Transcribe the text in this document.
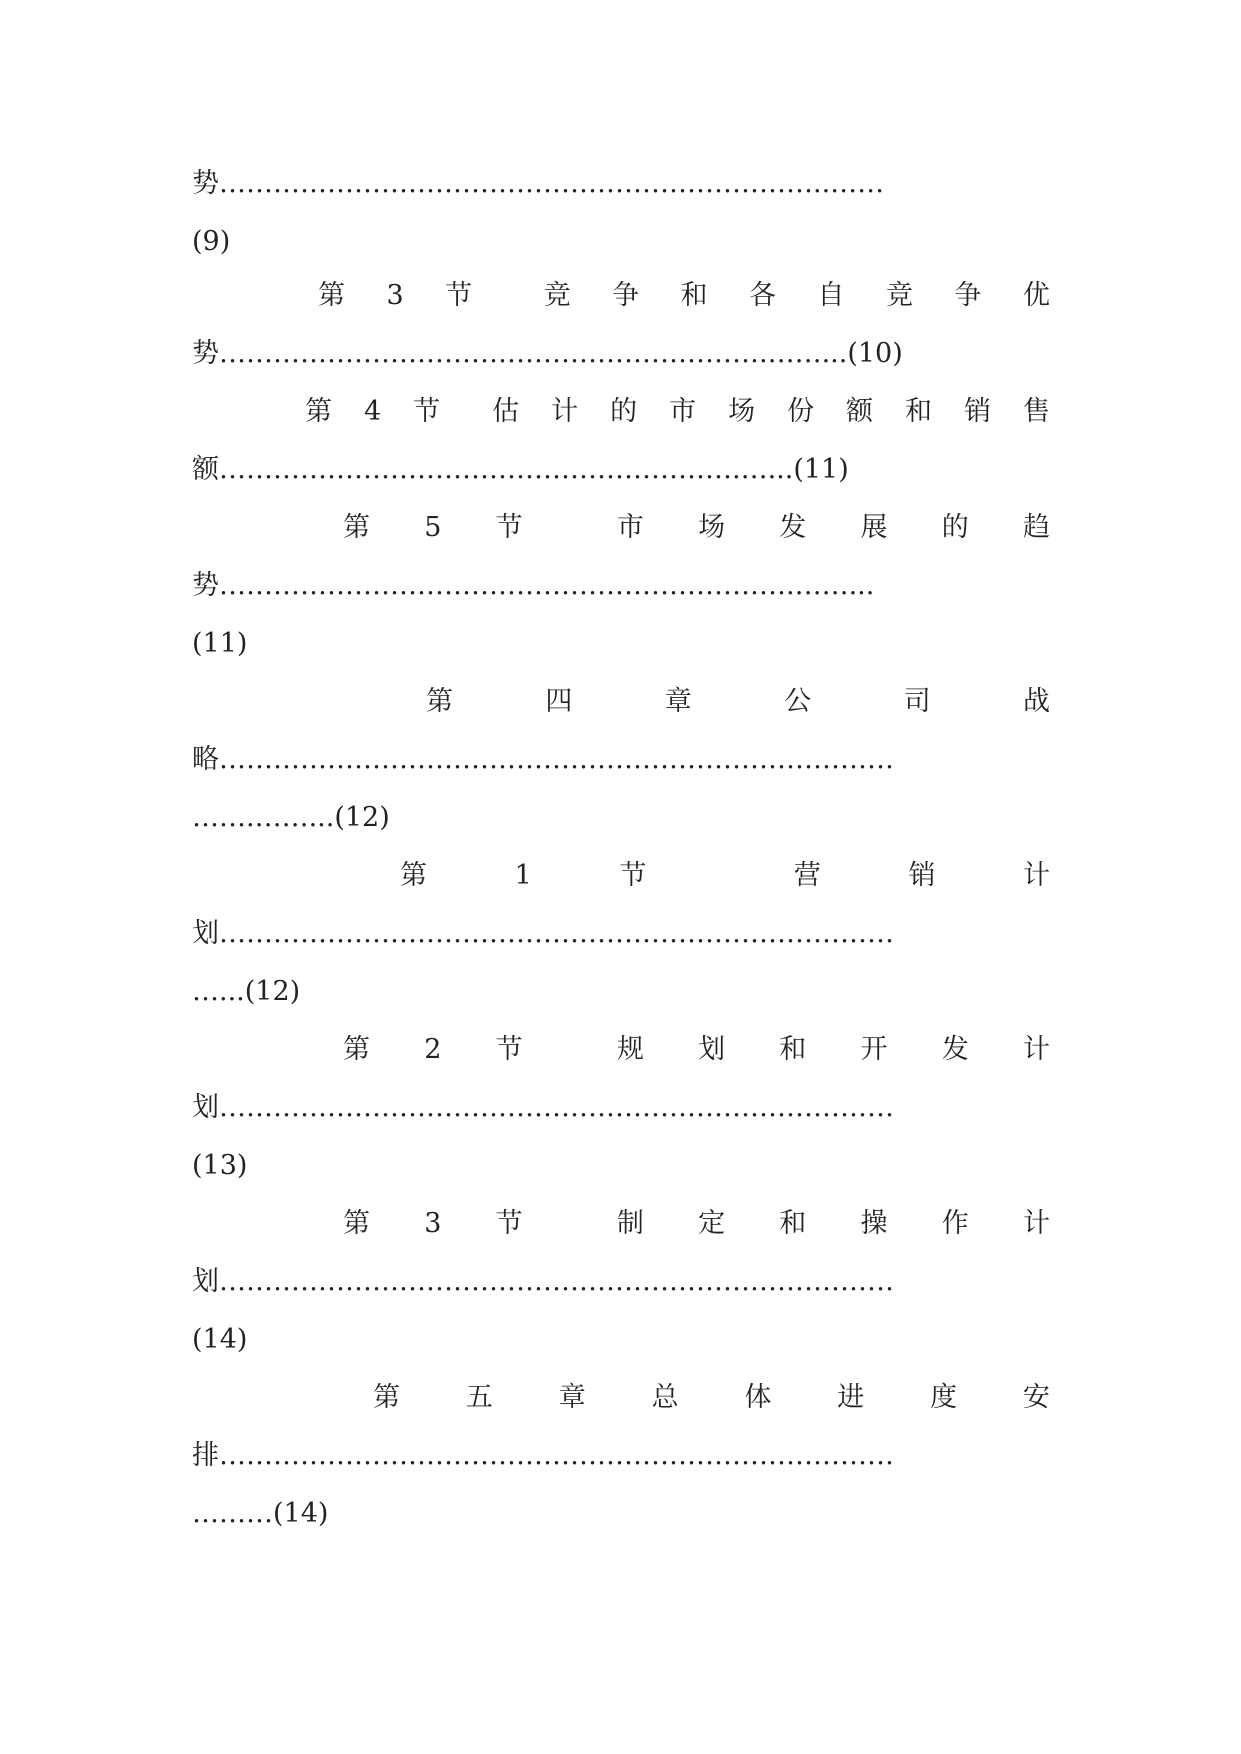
势…………………………………………………………..……
(9)
第 3 节	竞 争 和 各 自 竞 争 优
势…………………………………………………….……...(10)
第 4 节 估 计 的 市 场 份 额 和 销 售
额………………………………………………….…...(11)
第 5 节	市 场 发 展 的 趋
势……………………………………………………….……...
(11)
第	四	章	公	司	战
略…………………………………………………………………
…….……...(12)
第	1	节	营	销	计
划…………………………………………………………………
…...(12)
第 2 节	规 划 和 开 发 计
划…………………………………………………………………
(13)
第 3 节	制 定 和 操 作 计
划…………………………………………………………………
(14)
第 五 章 总 体 进 度 安
排…………………………………………………………………
………(14)
